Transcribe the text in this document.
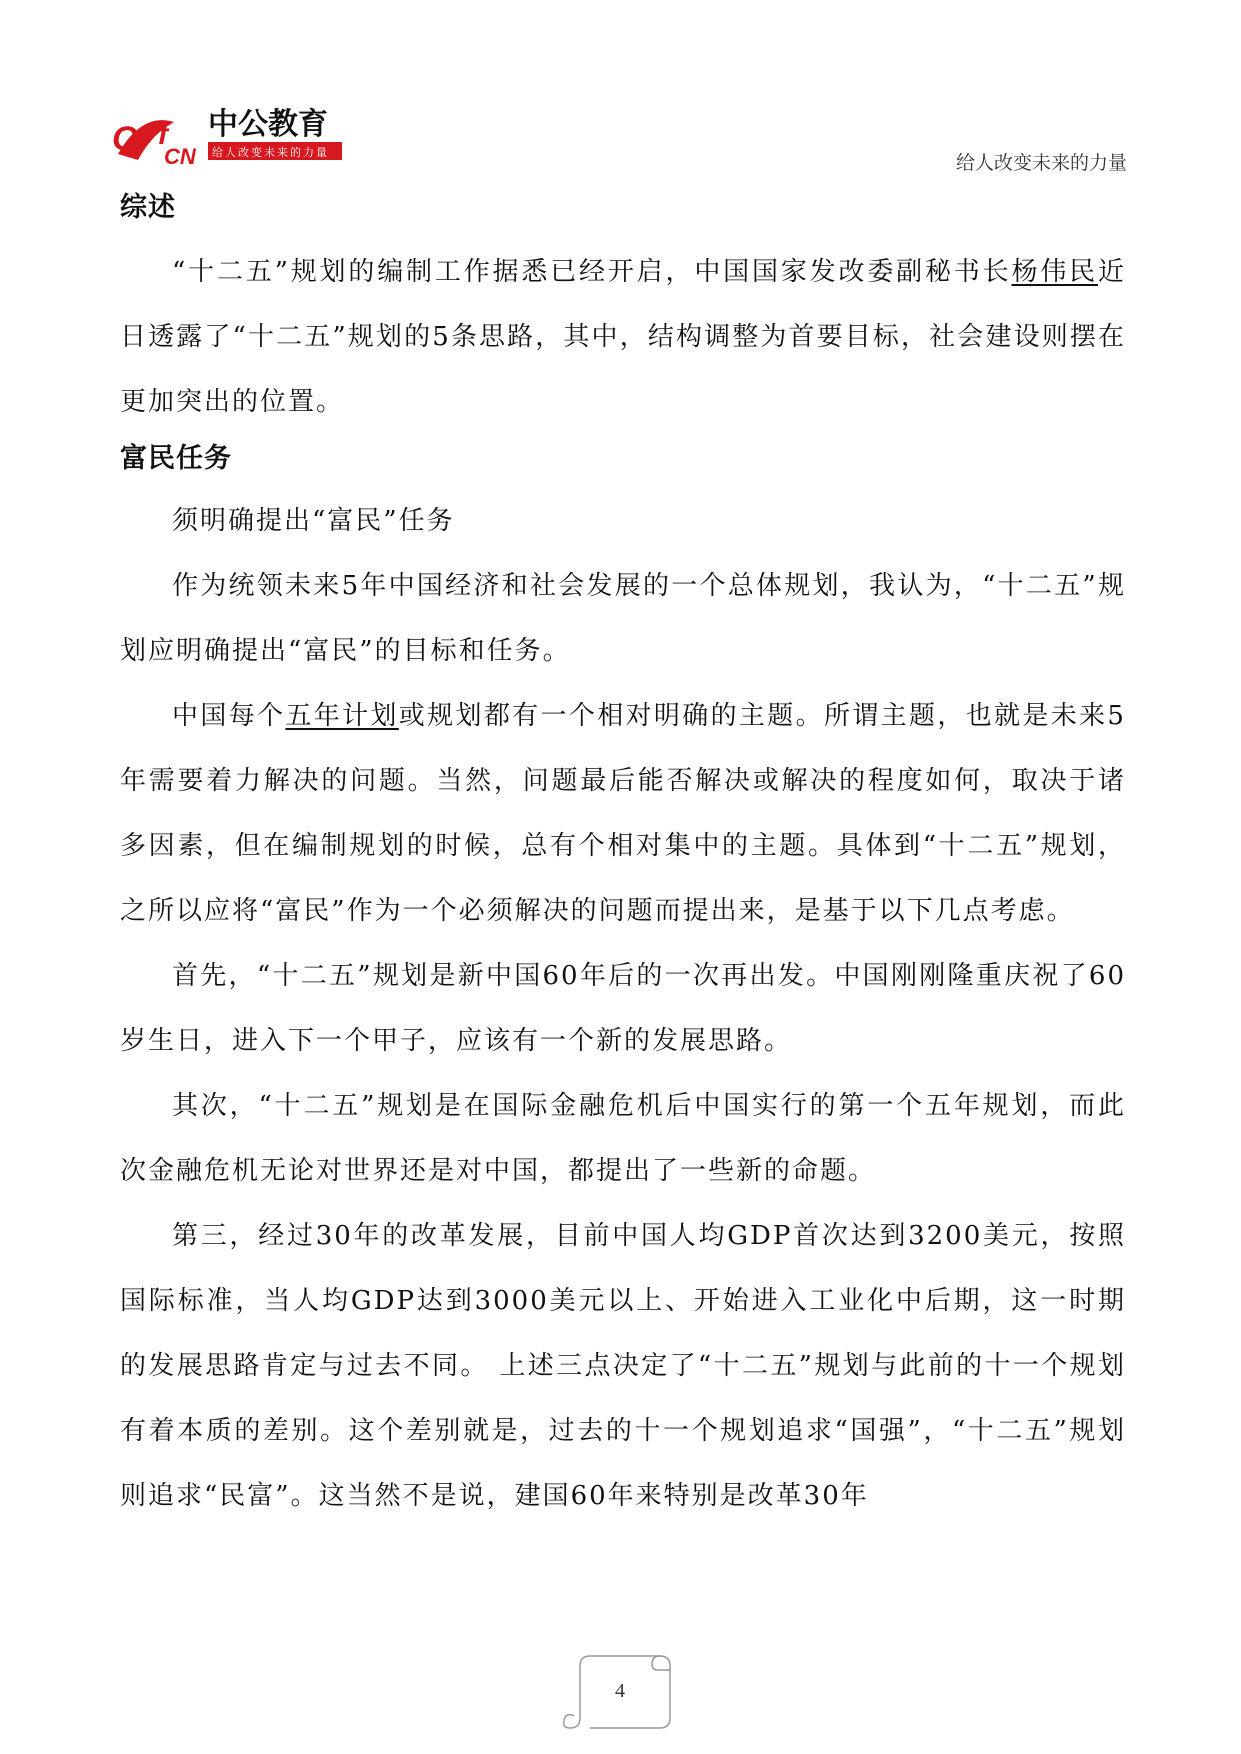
Of f
CN
中公教育
给人改变未来的力量	给人改变未来的力量
综述

“十二五”规划的编制工作据悉已经开启，中国国家发改委副秘书长杨伟民近日透露了“十二五”规划的5条思路，其中，结构调整为首要目标，社会建设则摆在更加突出的位置。

富民任务

须明确提出“富民”任务

作为统领未来5年中国经济和社会发展的一个总体规划，我认为，“十二五”规划应明确提出“富民”的目标和任务。

中国每个五年计划或规划都有一个相对明确的主题。所谓主题，也就是未来5年需要着力解决的问题。当然，问题最后能否解决或解决的程度如何，取决于诸多因素，但在编制规划的时候，总有个相对集中的主题。具体到“十二五”规划，之所以应将“富民”作为一个必须解决的问题而提出来，是基于以下几点考虑。

首先，“十二五”规划是新中国60年后的一次再出发。中国刚刚隆重庆祝了60岁生日，进入下一个甲子，应该有一个新的发展思路。

其次，“十二五”规划是在国际金融危机后中国实行的第一个五年规划，而此次金融危机无论对世界还是对中国，都提出了一些新的命题。

第三，经过30年的改革发展，目前中国人均GDP首次达到3200美元，按照国际标准，当人均GDP达到3000美元以上、开始进入工业化中后期，这一时期的发展思路肯定与过去不同。 上述三点决定了“十二五”规划与此前的十一个规划有着本质的差别。这个差别就是，过去的十一个规划追求“国强”，“十二五”规划则追求“民富”。这当然不是说，建国60年来特别是改革30年

4
